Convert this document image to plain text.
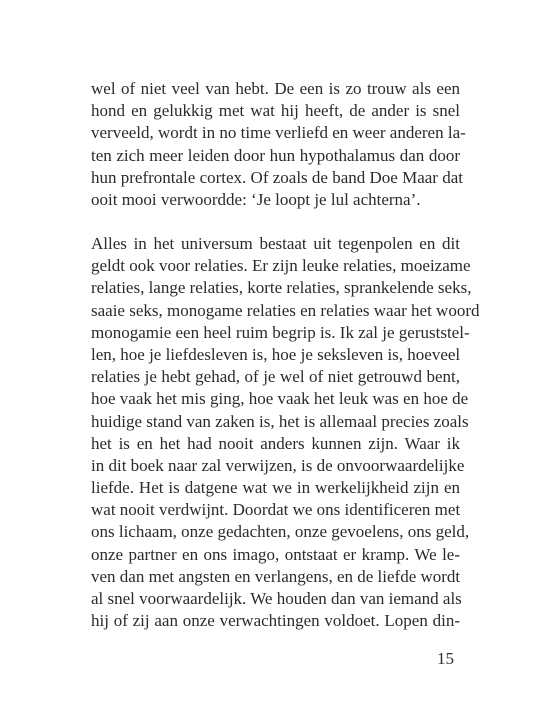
wel of niet veel van hebt. De een is zo trouw als een
hond en gelukkig met wat hij heeft, de ander is snel
verveeld, wordt in no time verliefd en weer anderen la-
ten zich meer leiden door hun hypothalamus dan door
hun prefrontale cortex. Of zoals de band Doe Maar dat
ooit mooi verwoordde: ‘Je loopt je lul achterna’.
Alles in het universum bestaat uit tegenpolen en dit
geldt ook voor relaties. Er zijn leuke relaties, moeizame
relaties, lange relaties, korte relaties, sprankelende seks,
saaie seks, monogame relaties en relaties waar het woord
monogamie een heel ruim begrip is. Ik zal je geruststel-
len, hoe je liefdesleven is, hoe je seksleven is, hoeveel
relaties je hebt gehad, of je wel of niet getrouwd bent,
hoe vaak het mis ging, hoe vaak het leuk was en hoe de
huidige stand van zaken is, het is allemaal precies zoals
het is en het had nooit anders kunnen zijn. Waar ik
in dit boek naar zal verwijzen, is de onvoorwaardelijke
liefde. Het is datgene wat we in werkelijkheid zijn en
wat nooit verdwijnt. Doordat we ons identificeren met
ons lichaam, onze gedachten, onze gevoelens, ons geld,
onze partner en ons imago, ontstaat er kramp. We le-
ven dan met angsten en verlangens, en de liefde wordt
al snel voorwaardelijk. We houden dan van iemand als
hij of zij aan onze verwachtingen voldoet. Lopen din-
15
